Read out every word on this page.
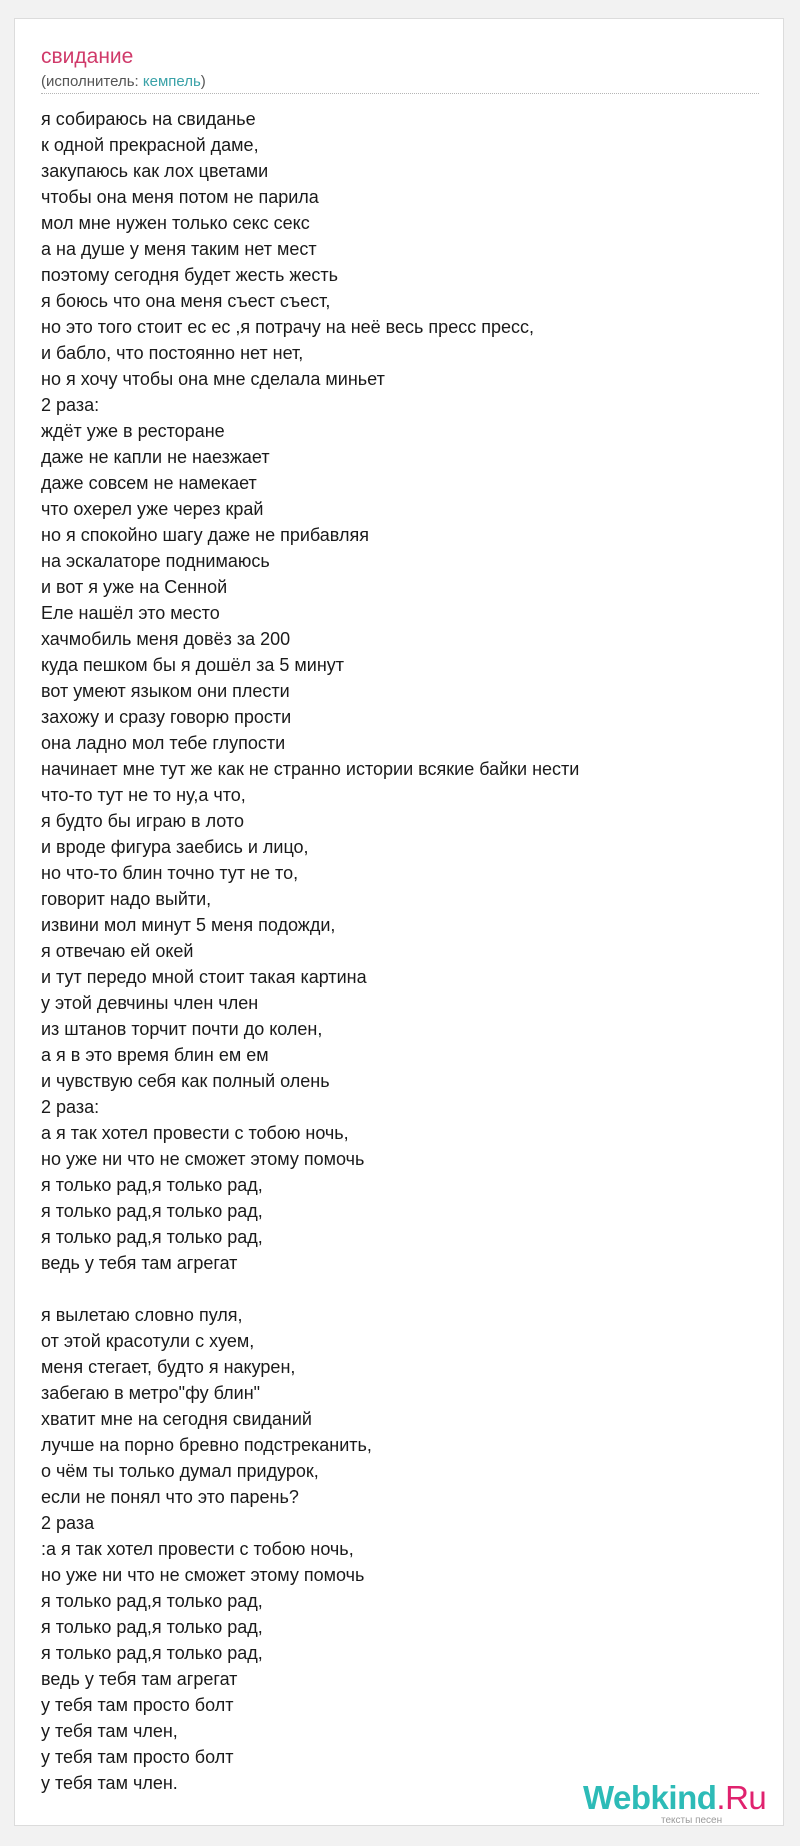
свидание
(исполнитель: кемпель)
я собираюсь на свиданье
к одной прекрасной даме,
закупаюсь как лох цветами
чтобы она меня потом не парила
мол мне нужен только секс секс
а на душе у меня таким нет мест
поэтому сегодня будет жесть жесть
я боюсь что она меня съест съест,
но это того стоит ес ес ,я потрачу на неё весь пресс пресс,
и бабло, что постоянно нет нет,
но я хочу чтобы она мне сделала миньет
2 раза:
ждёт уже в ресторане
даже не капли не наезжает
даже совсем не намекает
что охерел уже через край
но я спокойно шагу даже не прибавляя
на эскалаторе поднимаюсь
и вот я уже на Сенной
Еле нашёл это место
хачмобиль меня довёз за 200
куда пешком бы я дошёл за 5 минут
вот умеют языком они плести
захожу и сразу говорю прости
она ладно мол тебе глупости
начинает мне тут же как не странно истории всякие байки нести
что-то тут не то ну,а что,
я будто бы играю в лото
и вроде фигура заебись и лицо,
но что-то блин точно тут не то,
говорит надо выйти,
извини мол минут 5 меня подожди,
я отвечаю ей окей
и тут передо мной стоит такая картина
у этой девчины член член
из штанов торчит почти до колен,
а я в это время блин ем ем
и чувствую себя как полный олень
2 раза:
а я так хотел провести с тобою ночь,
но уже ни что не сможет этому помочь
я только рад,я только рад,
я только рад,я только рад,
я только рад,я только рад,
ведь у тебя там агрегат
я вылетаю словно пуля,
от этой красотули с хуем,
меня стегает, будто я накурен,
забегаю в метро"фу блин"
хватит мне на сегодня свиданий
лучше на порно бревно подстреканить,
о чём ты только думал придурок,
если не понял что это парень?
2 раза
:а я так хотел провести с тобою ночь,
но уже ни что не сможет этому помочь
я только рад,я только рад,
я только рад,я только рад,
я только рад,я только рад,
ведь у тебя там агрегат
у тебя там просто болт
у тебя там член,
у тебя там просто болт
у тебя там член.	Webkind.Ru
тексты песен
